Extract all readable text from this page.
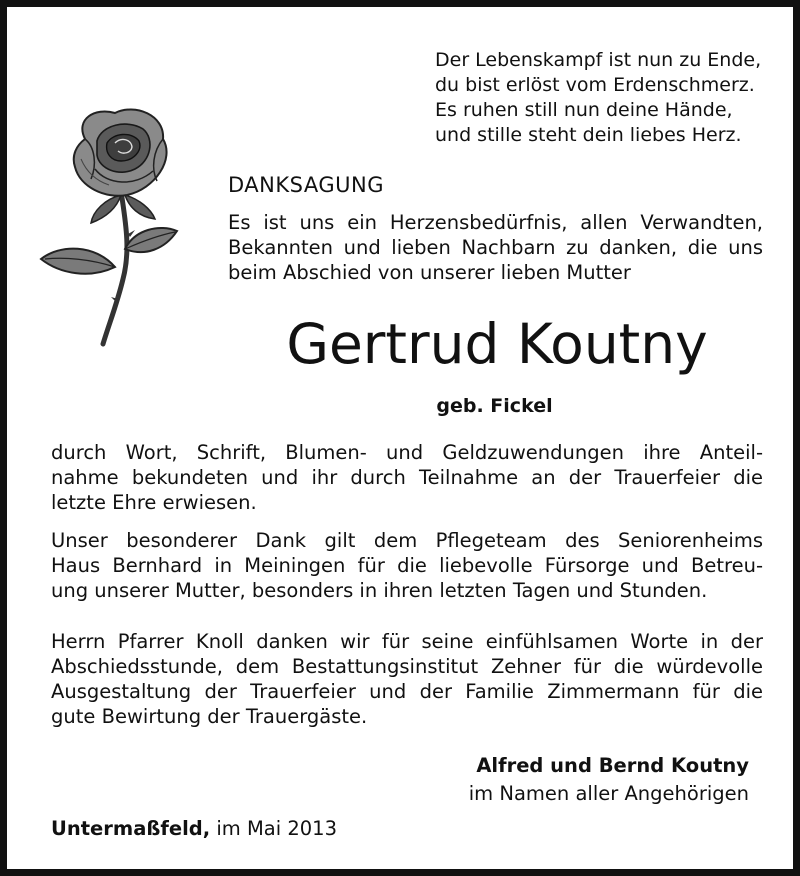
Der Lebenskampf ist nun zu Ende,
du bist erlöst vom Erdenschmerz.
Es ruhen still nun deine Hände,
und stille steht dein liebes Herz.
DANKSAGUNG
Es ist uns ein Herzensbedürfnis, allen Verwandten,
Bekannten und lieben Nachbarn zu danken, die uns
beim Abschied von unserer lieben Mutter
Gertrud Koutny
geb. Fickel
durch Wort, Schrift, Blumen- und Geldzuwendungen ihre Anteil-
nahme bekundeten und ihr durch Teilnahme an der Trauerfeier die
letzte Ehre erwiesen.
Unser besonderer Dank gilt dem Pflegeteam des Seniorenheims
Haus Bernhard in Meiningen für die liebevolle Fürsorge und Betreu-
ung unserer Mutter, besonders in ihren letzten Tagen und Stunden.
Herrn Pfarrer Knoll danken wir für seine einfühlsamen Worte in der
Abschiedsstunde, dem Bestattungsinstitut Zehner für die würdevolle
Ausgestaltung der Trauerfeier und der Familie Zimmermann für die
gute Bewirtung der Trauergäste.
Alfred und Bernd Koutny
im Namen aller Angehörigen
Untermaßfeld, im Mai 2013
